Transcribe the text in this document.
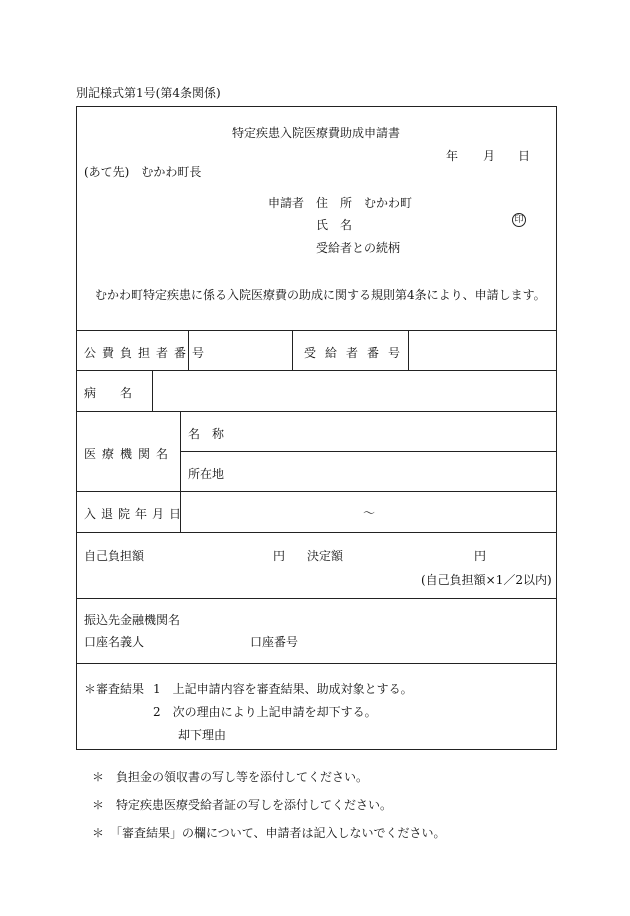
別記様式第1号(第4条関係)
特定疾患入院医療費助成申請書
年 月 日
(あて先)　むかわ町長
申請者 住　所 むかわ町
氏　名	印
受給者との続柄
むかわ町特定疾患に係る入院医療費の助成に関する規則第4条により、申請します。
公費負担者番号	受給者番号
病　　名
医療機関名
名　称
所在地
入退院年月日	〜
自己負担額	円 決定額	円
(自己負担額×1／2以内)
振込先金融機関名
口座名義人	口座番号
＊審査結果 1　上記申請内容を審査結果、助成対象とする。
2　次の理由により上記申請を却下する。
却下理由
＊　負担金の領収書の写し等を添付してください。
＊　特定疾患医療受給者証の写しを添付してください。
＊　「審査結果」の欄について、申請者は記入しないでください。
